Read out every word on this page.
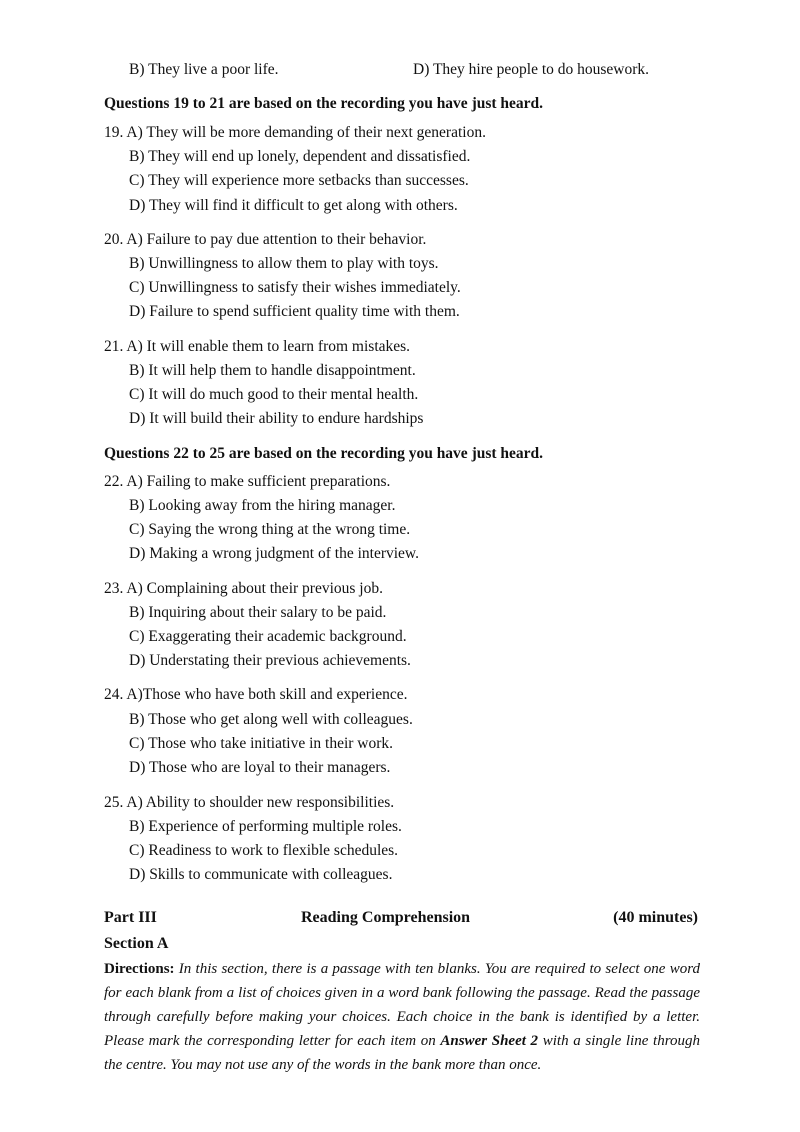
B) They live a poor life.	D) They hire people to do housework.
Questions 19 to 21 are based on the recording you have just heard.
19. A) They will be more demanding of their next generation.
B) They will end up lonely, dependent and dissatisfied.
C) They will experience more setbacks than successes.
D) They will find it difficult to get along with others.
20. A) Failure to pay due attention to their behavior.
B) Unwillingness to allow them to play with toys.
C) Unwillingness to satisfy their wishes immediately.
D) Failure to spend sufficient quality time with them.
21. A) It will enable them to learn from mistakes.
B) It will help them to handle disappointment.
C) It will do much good to their mental health.
D) It will build their ability to endure hardships
Questions 22 to 25 are based on the recording you have just heard.
22. A) Failing to make sufficient preparations.
B) Looking away from the hiring manager.
C) Saying the wrong thing at the wrong time.
D) Making a wrong judgment of the interview.
23. A) Complaining about their previous job.
B) Inquiring about their salary to be paid.
C) Exaggerating their academic background.
D) Understating their previous achievements.
24. A)Those who have both skill and experience.
B) Those who get along well with colleagues.
C) Those who take initiative in their work.
D) Those who are loyal to their managers.
25. A) Ability to shoulder new responsibilities.
B) Experience of performing multiple roles.
C) Readiness to work to flexible schedules.
D) Skills to communicate with colleagues.
Part III	Reading Comprehension	(40 minutes)
Section A
Directions: In this section, there is a passage with ten blanks. You are required to select one word for each blank from a list of choices given in a word bank following the passage. Read the passage through carefully before making your choices. Each choice in the bank is identified by a letter. Please mark the corresponding letter for each item on Answer Sheet 2 with a single line through the centre. You may not use any of the words in the bank more than once.
